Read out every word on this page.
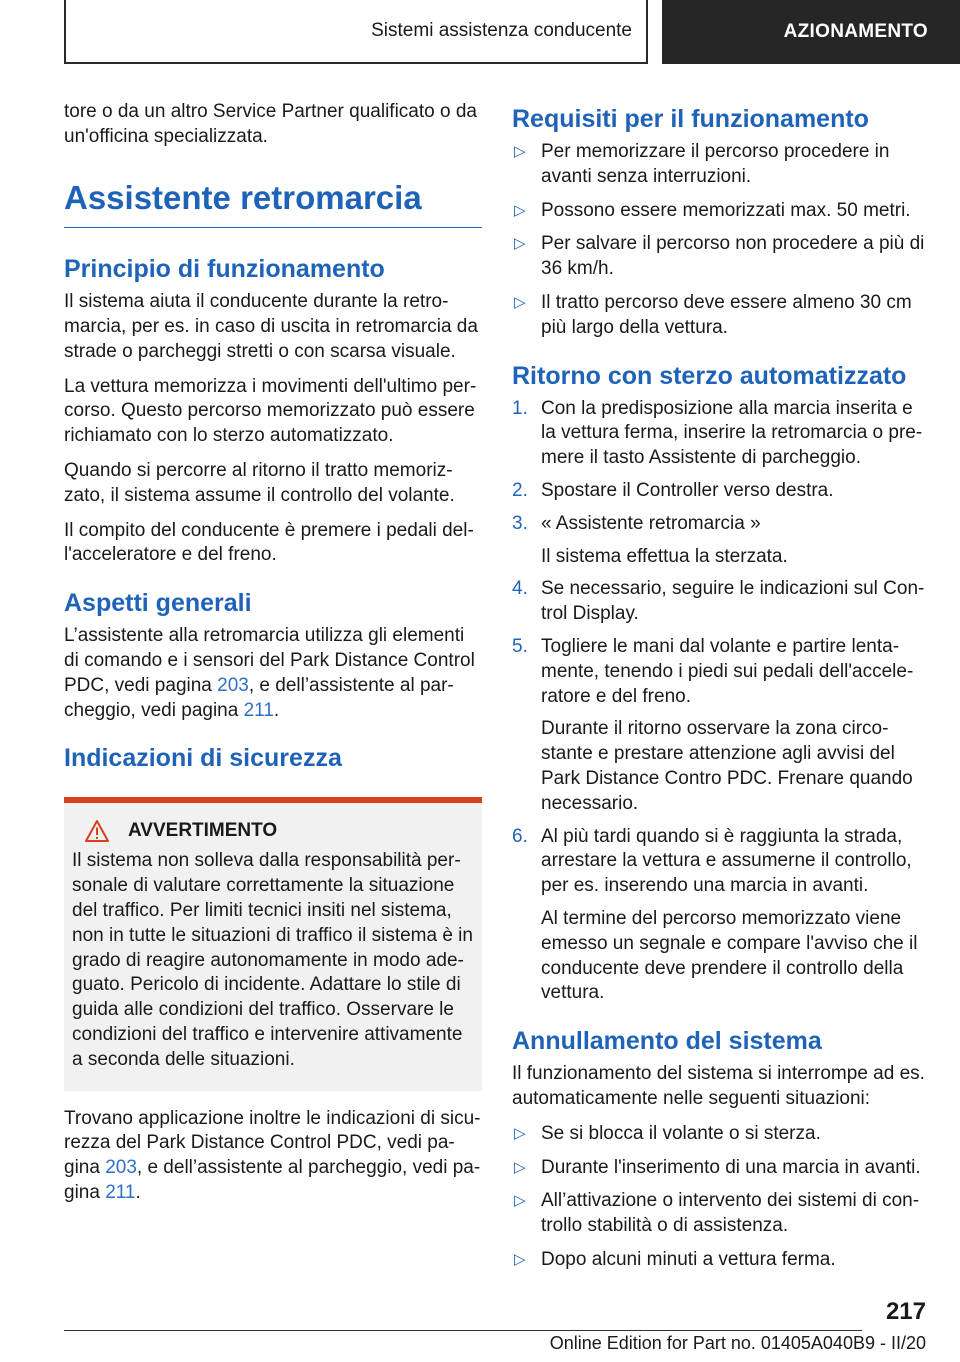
Sistemi assistenza conducente	AZIONAMENTO

tore o da un altro Service Partner qualificato o da un'officina specializzata.

Assistente retromarcia
Principio di funzionamento

Il sistema aiuta il conducente durante la retromarcia, per es. in caso di uscita in retromarcia da strade o parcheggi stretti o con scarsa visuale.

La vettura memorizza i movimenti dell'ultimo percorso. Questo percorso memorizzato può essere richiamato con lo sterzo automatizzato.

Quando si percorre al ritorno il tratto memorizzato, il sistema assume il controllo del volante.

Il compito del conducente è premere i pedali dell'acceleratore e del freno.

Aspetti generali

L’assistente alla retromarcia utilizza gli elementi di comando e i sensori del Park Distance Control PDC, vedi pagina 203, e dell’assistente al parcheggio, vedi pagina 211.

Indicazioni di sicurezza
AVVERTIMENTO

Il sistema non solleva dalla responsabilità personale di valutare correttamente la situazione del traffico. Per limiti tecnici insiti nel sistema, non in tutte le situazioni di traffico il sistema è in grado di reagire autonomamente in modo adeguato. Pericolo di incidente. Adattare lo stile di guida alle condizioni del traffico. Osservare le condizioni del traffico e intervenire attivamente a seconda delle situazioni.

Trovano applicazione inoltre le indicazioni di sicurezza del Park Distance Control PDC, vedi pagina 203, e dell’assistente al parcheggio, vedi pagina 211.

Requisiti per il funzionamento
▷ Per memorizzare il percorso procedere in avanti senza interruzioni.
▷ Possono essere memorizzati max. 50 metri.
▷ Per salvare il percorso non procedere a più di 36 km/h.
▷ Il tratto percorso deve essere almeno 30 cm più largo della vettura.
Ritorno con sterzo automatizzato
1. Con la predisposizione alla marcia inserita e la vettura ferma, inserire la retromarcia o premere il tasto Assistente di parcheggio.
2. Spostare il Controller verso destra.
3. « Assistente retromarcia »
Il sistema effettua la sterzata.
4. Se necessario, seguire le indicazioni sul Control Display.
5. Togliere le mani dal volante e partire lentamente, tenendo i piedi sui pedali dell'acceleratore e del freno.
Durante il ritorno osservare la zona circostante e prestare attenzione agli avvisi del Park Distance Contro PDC. Frenare quando necessario.
6. Al più tardi quando si è raggiunta la strada, arrestare la vettura e assumerne il controllo, per es. inserendo una marcia in avanti.
Al termine del percorso memorizzato viene emesso un segnale e compare l'avviso che il conducente deve prendere il controllo della vettura.
Annullamento del sistema

Il funzionamento del sistema si interrompe ad es. automaticamente nelle seguenti situazioni:

▷ Se si blocca il volante o si sterza.
▷ Durante l'inserimento di una marcia in avanti.
▷ All’attivazione o intervento dei sistemi di controllo stabilità o di assistenza.
▷ Dopo alcuni minuti a vettura ferma.
217
Online Edition for Part no. 01405A040B9 - II/20
